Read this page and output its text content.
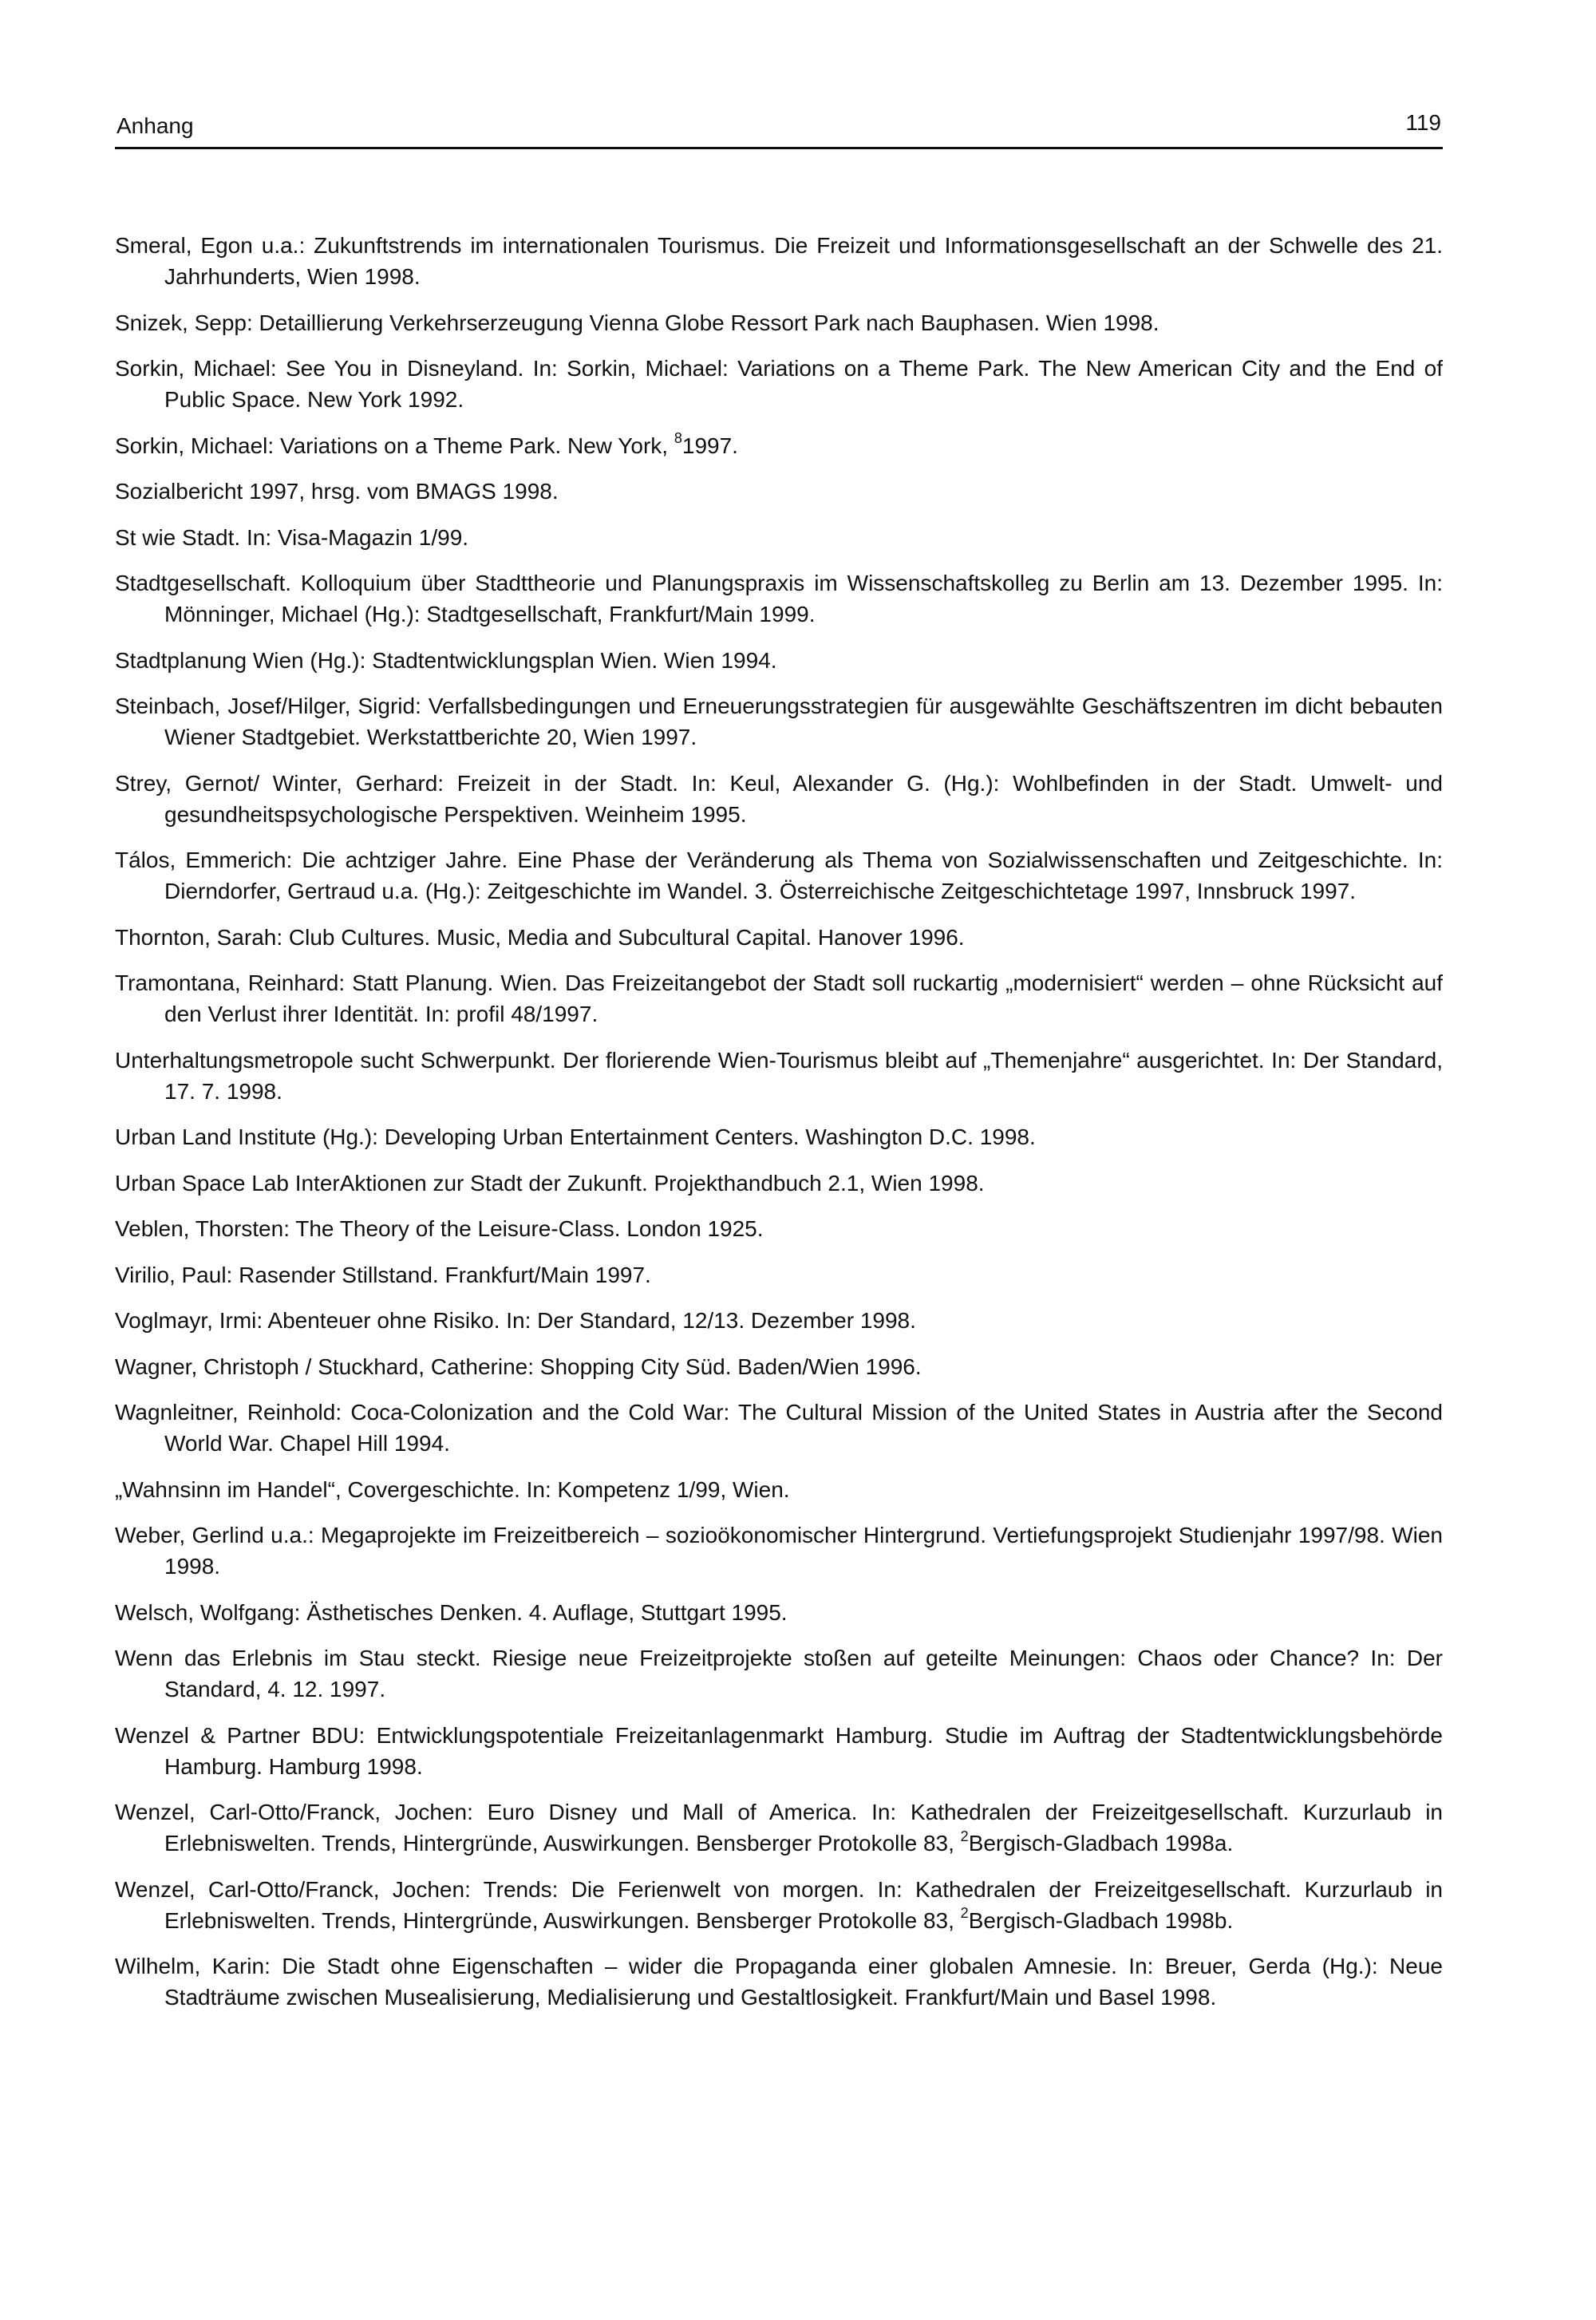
Anhang	119
Smeral, Egon u.a.: Zukunftstrends im internationalen Tourismus. Die Freizeit und Informationsgesellschaft an der Schwelle des 21. Jahrhunderts, Wien 1998.
Snizek, Sepp: Detaillierung Verkehrserzeugung Vienna Globe Ressort Park nach Bauphasen. Wien 1998.
Sorkin, Michael: See You in Disneyland. In: Sorkin, Michael: Variations on a Theme Park. The New American City and the End of Public Space. New York 1992.
Sorkin, Michael: Variations on a Theme Park. New York, $^8$1997.
Sozialbericht 1997, hrsg. vom BMAGS 1998.
St wie Stadt. In: Visa-Magazin 1/99.
Stadtgesellschaft. Kolloquium über Stadttheorie und Planungspraxis im Wissenschaftskolleg zu Berlin am 13. Dezember 1995. In: Mönninger, Michael (Hg.): Stadtgesellschaft, Frankfurt/Main 1999.
Stadtplanung Wien (Hg.): Stadtentwicklungsplan Wien. Wien 1994.
Steinbach, Josef/Hilger, Sigrid: Verfallsbedingungen und Erneuerungsstrategien für ausgewählte Geschäftszentren im dicht bebauten Wiener Stadtgebiet. Werkstattberichte 20, Wien 1997.
Strey, Gernot/ Winter, Gerhard: Freizeit in der Stadt. In: Keul, Alexander G. (Hg.): Wohlbefinden in der Stadt. Umwelt- und gesundheitspsychologische Perspektiven. Weinheim 1995.
Tálos, Emmerich: Die achtziger Jahre. Eine Phase der Veränderung als Thema von Sozialwissenschaften und Zeitgeschichte. In: Dierndorfer, Gertraud u.a. (Hg.): Zeitgeschichte im Wandel. 3. Österreichische Zeitgeschichtetage 1997, Innsbruck 1997.
Thornton, Sarah: Club Cultures. Music, Media and Subcultural Capital. Hanover 1996.
Tramontana, Reinhard: Statt Planung. Wien. Das Freizeitangebot der Stadt soll ruckartig „modernisiert“ werden – ohne Rücksicht auf den Verlust ihrer Identität. In: profil 48/1997.
Unterhaltungsmetropole sucht Schwerpunkt. Der florierende Wien-Tourismus bleibt auf „Themenjahre“ ausgerichtet. In: Der Standard, 17. 7. 1998.
Urban Land Institute (Hg.): Developing Urban Entertainment Centers. Washington D.C. 1998.
Urban Space Lab InterAktionen zur Stadt der Zukunft. Projekthandbuch 2.1, Wien 1998.
Veblen, Thorsten: The Theory of the Leisure-Class. London 1925.
Virilio, Paul: Rasender Stillstand. Frankfurt/Main 1997.
Voglmayr, Irmi: Abenteuer ohne Risiko. In: Der Standard, 12/13. Dezember 1998.
Wagner, Christoph / Stuckhard, Catherine: Shopping City Süd. Baden/Wien 1996.
Wagnleitner, Reinhold: Coca-Colonization and the Cold War: The Cultural Mission of the United States in Austria after the Second World War. Chapel Hill 1994.
„Wahnsinn im Handel“, Covergeschichte. In: Kompetenz 1/99, Wien.
Weber, Gerlind u.a.: Megaprojekte im Freizeitbereich – sozioökonomischer Hintergrund. Vertiefungsprojekt Studienjahr 1997/98. Wien 1998.
Welsch, Wolfgang: Ästhetisches Denken. 4. Auflage, Stuttgart 1995.
Wenn das Erlebnis im Stau steckt. Riesige neue Freizeitprojekte stoßen auf geteilte Meinungen: Chaos oder Chance? In: Der Standard, 4. 12. 1997.
Wenzel & Partner BDU: Entwicklungspotentiale Freizeitanlagenmarkt Hamburg. Studie im Auftrag der Stadtentwicklungsbehörde Hamburg. Hamburg 1998.
Wenzel, Carl-Otto/Franck, Jochen: Euro Disney und Mall of America. In: Kathedralen der Freizeitgesellschaft. Kurzurlaub in Erlebniswelten. Trends, Hintergründe, Auswirkungen. Bensberger Protokolle 83, $^2$Bergisch-Gladbach 1998a.
Wenzel, Carl-Otto/Franck, Jochen: Trends: Die Ferienwelt von morgen. In: Kathedralen der Freizeitgesellschaft. Kurzurlaub in Erlebniswelten. Trends, Hintergründe, Auswirkungen. Bensberger Protokolle 83, $^2$Bergisch-Gladbach 1998b.
Wilhelm, Karin: Die Stadt ohne Eigenschaften – wider die Propaganda einer globalen Amnesie. In: Breuer, Gerda (Hg.): Neue Stadträume zwischen Musealisierung, Medialisierung und Gestaltlosigkeit. Frankfurt/Main und Basel 1998.
